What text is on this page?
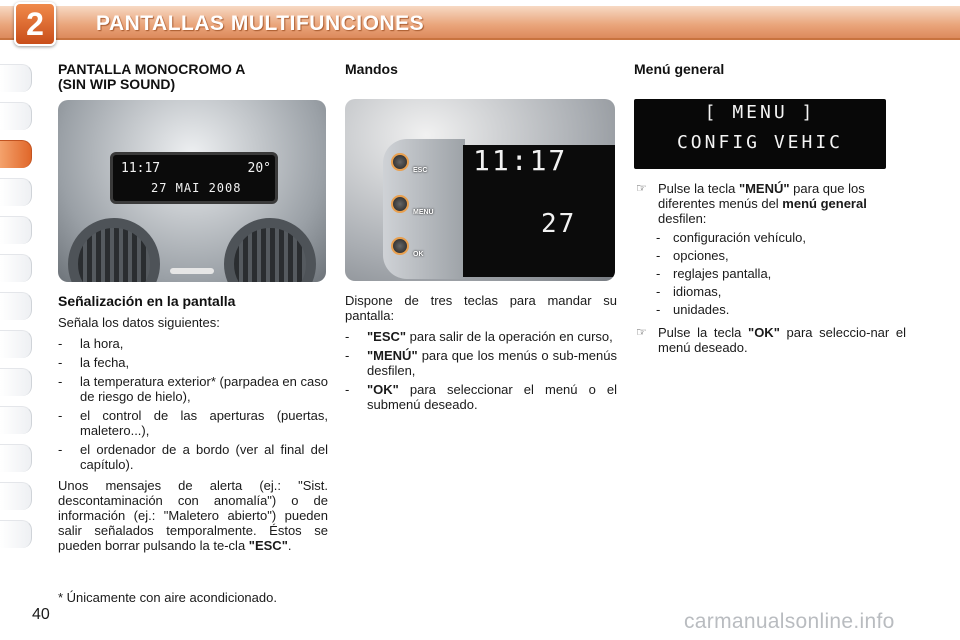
2	PANTALLAS MULTIFUNCIONES
PANTALLA MONOCROMO A
(SIN WIP SOUND)
11:17	20°
27 MAI 2008
Señalización en la pantalla

Señala los datos siguientes:

- la hora,
- la fecha,
- la temperatura exterior* (parpadea en caso de riesgo de hielo),
- el control de las aperturas (puertas, maletero...),
- el ordenador de a bordo (ver al final del capítulo).

Unos mensajes de alerta (ej.: "Sist. descontaminación con anomalía") o de información (ej.: "Maletero abierto") pueden salir señalados temporalmente. Éstos se pueden borrar pulsando la te-cla "ESC".

Mandos
ESC
MENU
OK
11:17
27

Dispone de tres teclas para mandar su pantalla:

- "ESC" para salir de la operación en curso,
- "MENÚ" para que los menús o sub-menús desfilen,
- "OK" para seleccionar el menú o el submenú deseado.
Menú general
[ MENU ]
CONFIG VEHIC
☞ Pulse la tecla "MENÚ" para que los diferentes menús del menú general desfilen:
- configuración vehículo,
- opciones,
- reglajes pantalla,
- idiomas,
- unidades.
☞ Pulse la tecla "OK" para seleccio-nar el menú deseado.
* Únicamente con aire acondicionado.
40	carmanualsonline.info
